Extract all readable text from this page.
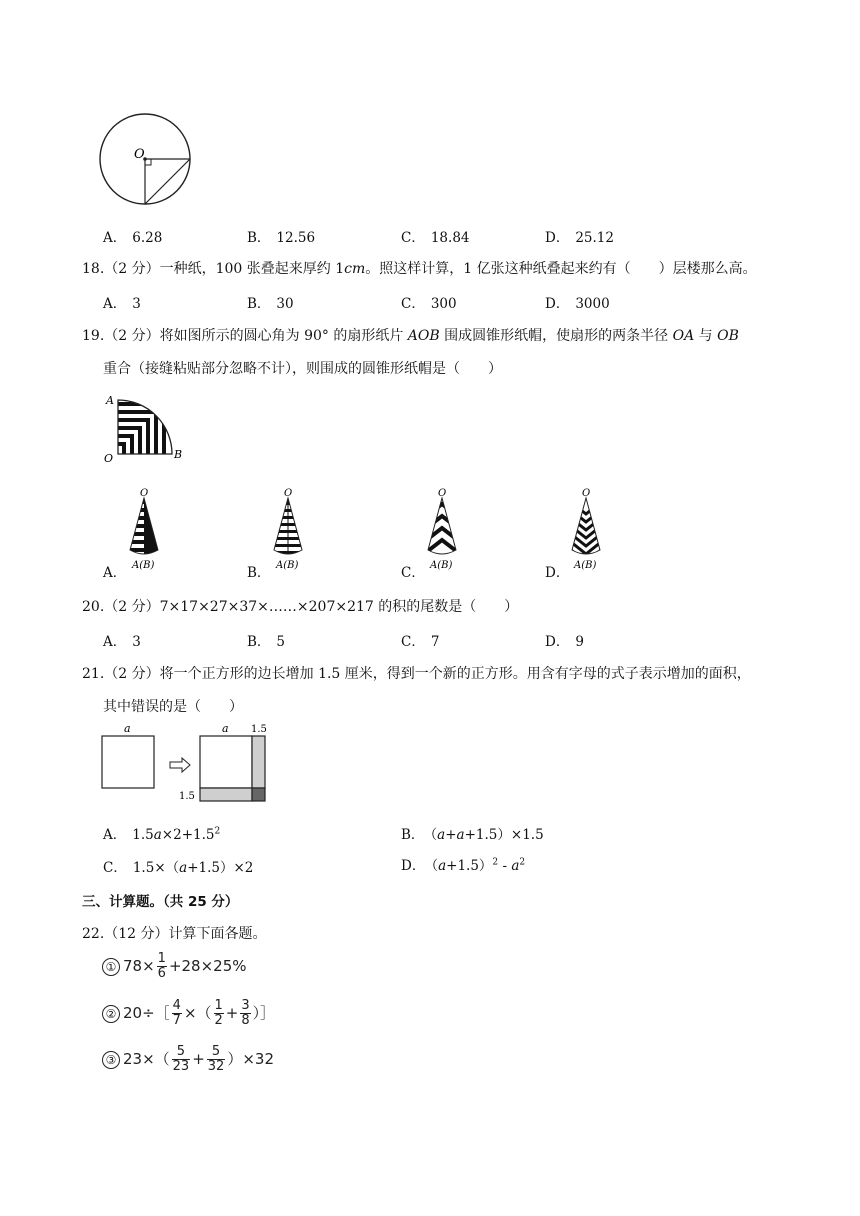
O
A． 6.28	B． 12.56	C． 18.84	D． 25.12
18.（2 分）一种纸，100 张叠起来厚约 1cm。照这样计算，1 亿张这种纸叠起来约有（　　）层楼那么高。
A． 3	B． 30	C． 300	D． 3000
19.（2 分）将如图所示的圆心角为 90° 的扇形纸片 AOB 围成圆锥形纸帽，使扇形的两条半径 OA 与 OB
重合（接缝粘贴部分忽略不计），则围成的圆锥形纸帽是（　　）
A
O	B
O
A(B)
O
A(B)
O
A(B)
O
A(B)
A．	B．	C．	D．
20.（2 分）7×17×27×37×……×207×217 的积的尾数是（　　）
A． 3	B． 5	C． 7	D． 9
21.（2 分）将一个正方形的边长增加 1.5 厘米，得到一个新的正方形。用含有字母的式子表示增加的面积，
其中错误的是（　　）
a	a 1.5
1.5
A． $1.5a\times 2+1.5^2$	B． （a+a+1.5）×1.5
C． 1.5×（a+1.5）×2	D． $(a+1.5)^2 - a^2$
三、计算题。（共 25 分）
22.（12 分）计算下面各题。
① $78\times \frac{1}{6} +28\times 25\%$
② 20÷［ $\frac{4}{7}$ ×（ $\frac{1}{2} + \frac{3}{8}$ ）］
③ $23\times( \frac{5}{23} + \frac{5}{32} )\times 32$
